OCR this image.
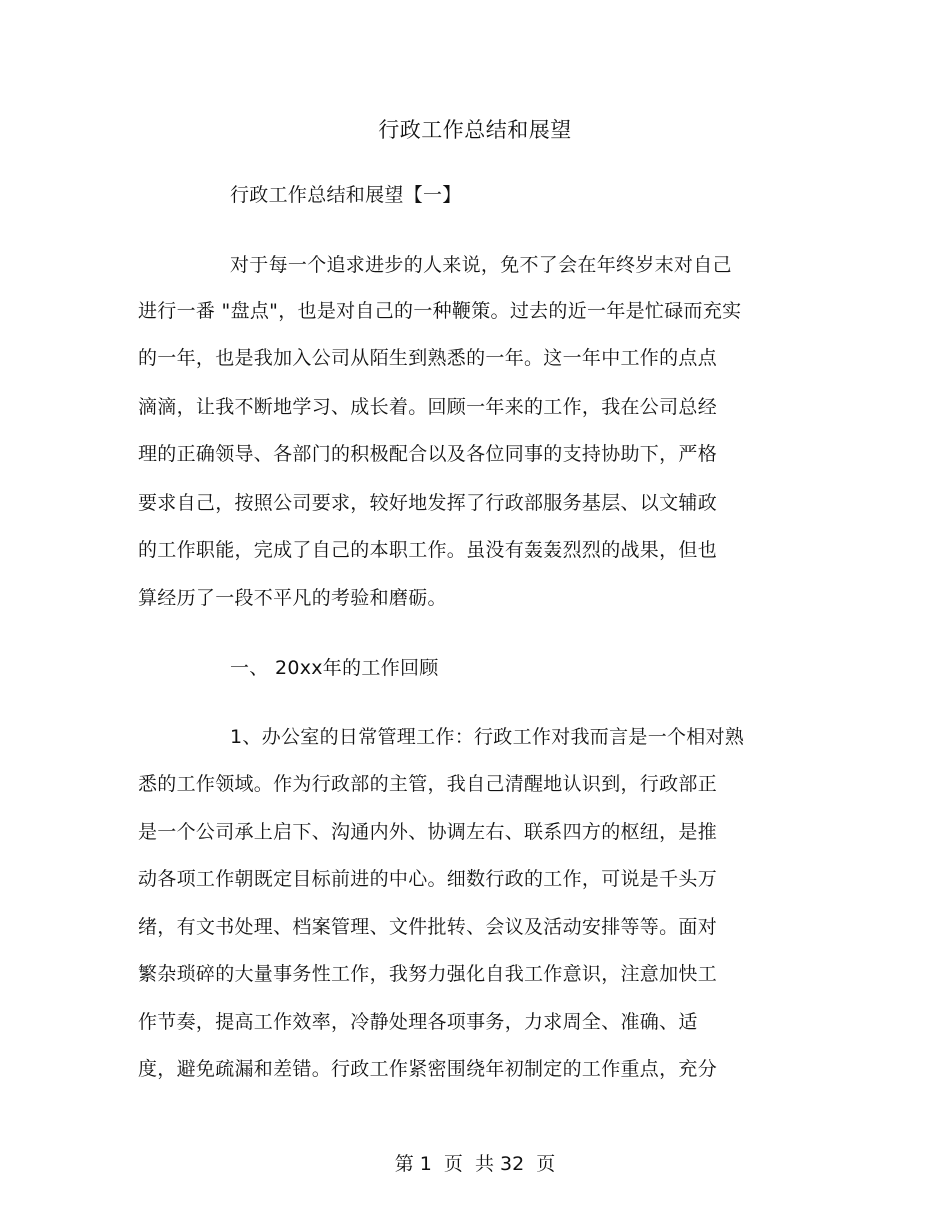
行政工作总结和展望
行政工作总结和展望【一】
对于每一个追求进步的人来说，免不了会在年终岁末对自己
进行一番 "盘点"，也是对自己的一种鞭策。过去的近一年是忙碌而充实
的一年，也是我加入公司从陌生到熟悉的一年。这一年中工作的点点
滴滴，让我不断地学习、成长着。回顾一年来的工作，我在公司总经
理的正确领导、各部门的积极配合以及各位同事的支持协助下，严格
要求自己，按照公司要求，较好地发挥了行政部服务基层、以文辅政
的工作职能，完成了自己的本职工作。虽没有轰轰烈烈的战果，但也
算经历了一段不平凡的考验和磨砺。
一、 20xx年的工作回顾
1、办公室的日常管理工作：行政工作对我而言是一个相对熟
悉的工作领域。作为行政部的主管，我自己清醒地认识到，行政部正
是一个公司承上启下、沟通内外、协调左右、联系四方的枢纽，是推
动各项工作朝既定目标前进的中心。细数行政的工作，可说是千头万
绪，有文书处理、档案管理、文件批转、会议及活动安排等等。面对
繁杂琐碎的大量事务性工作，我努力强化自我工作意识，注意加快工
作节奏，提高工作效率，冷静处理各项事务，力求周全、准确、适
度，避免疏漏和差错。行政工作紧密围绕年初制定的工作重点，充分
第 1  页  共 32  页
